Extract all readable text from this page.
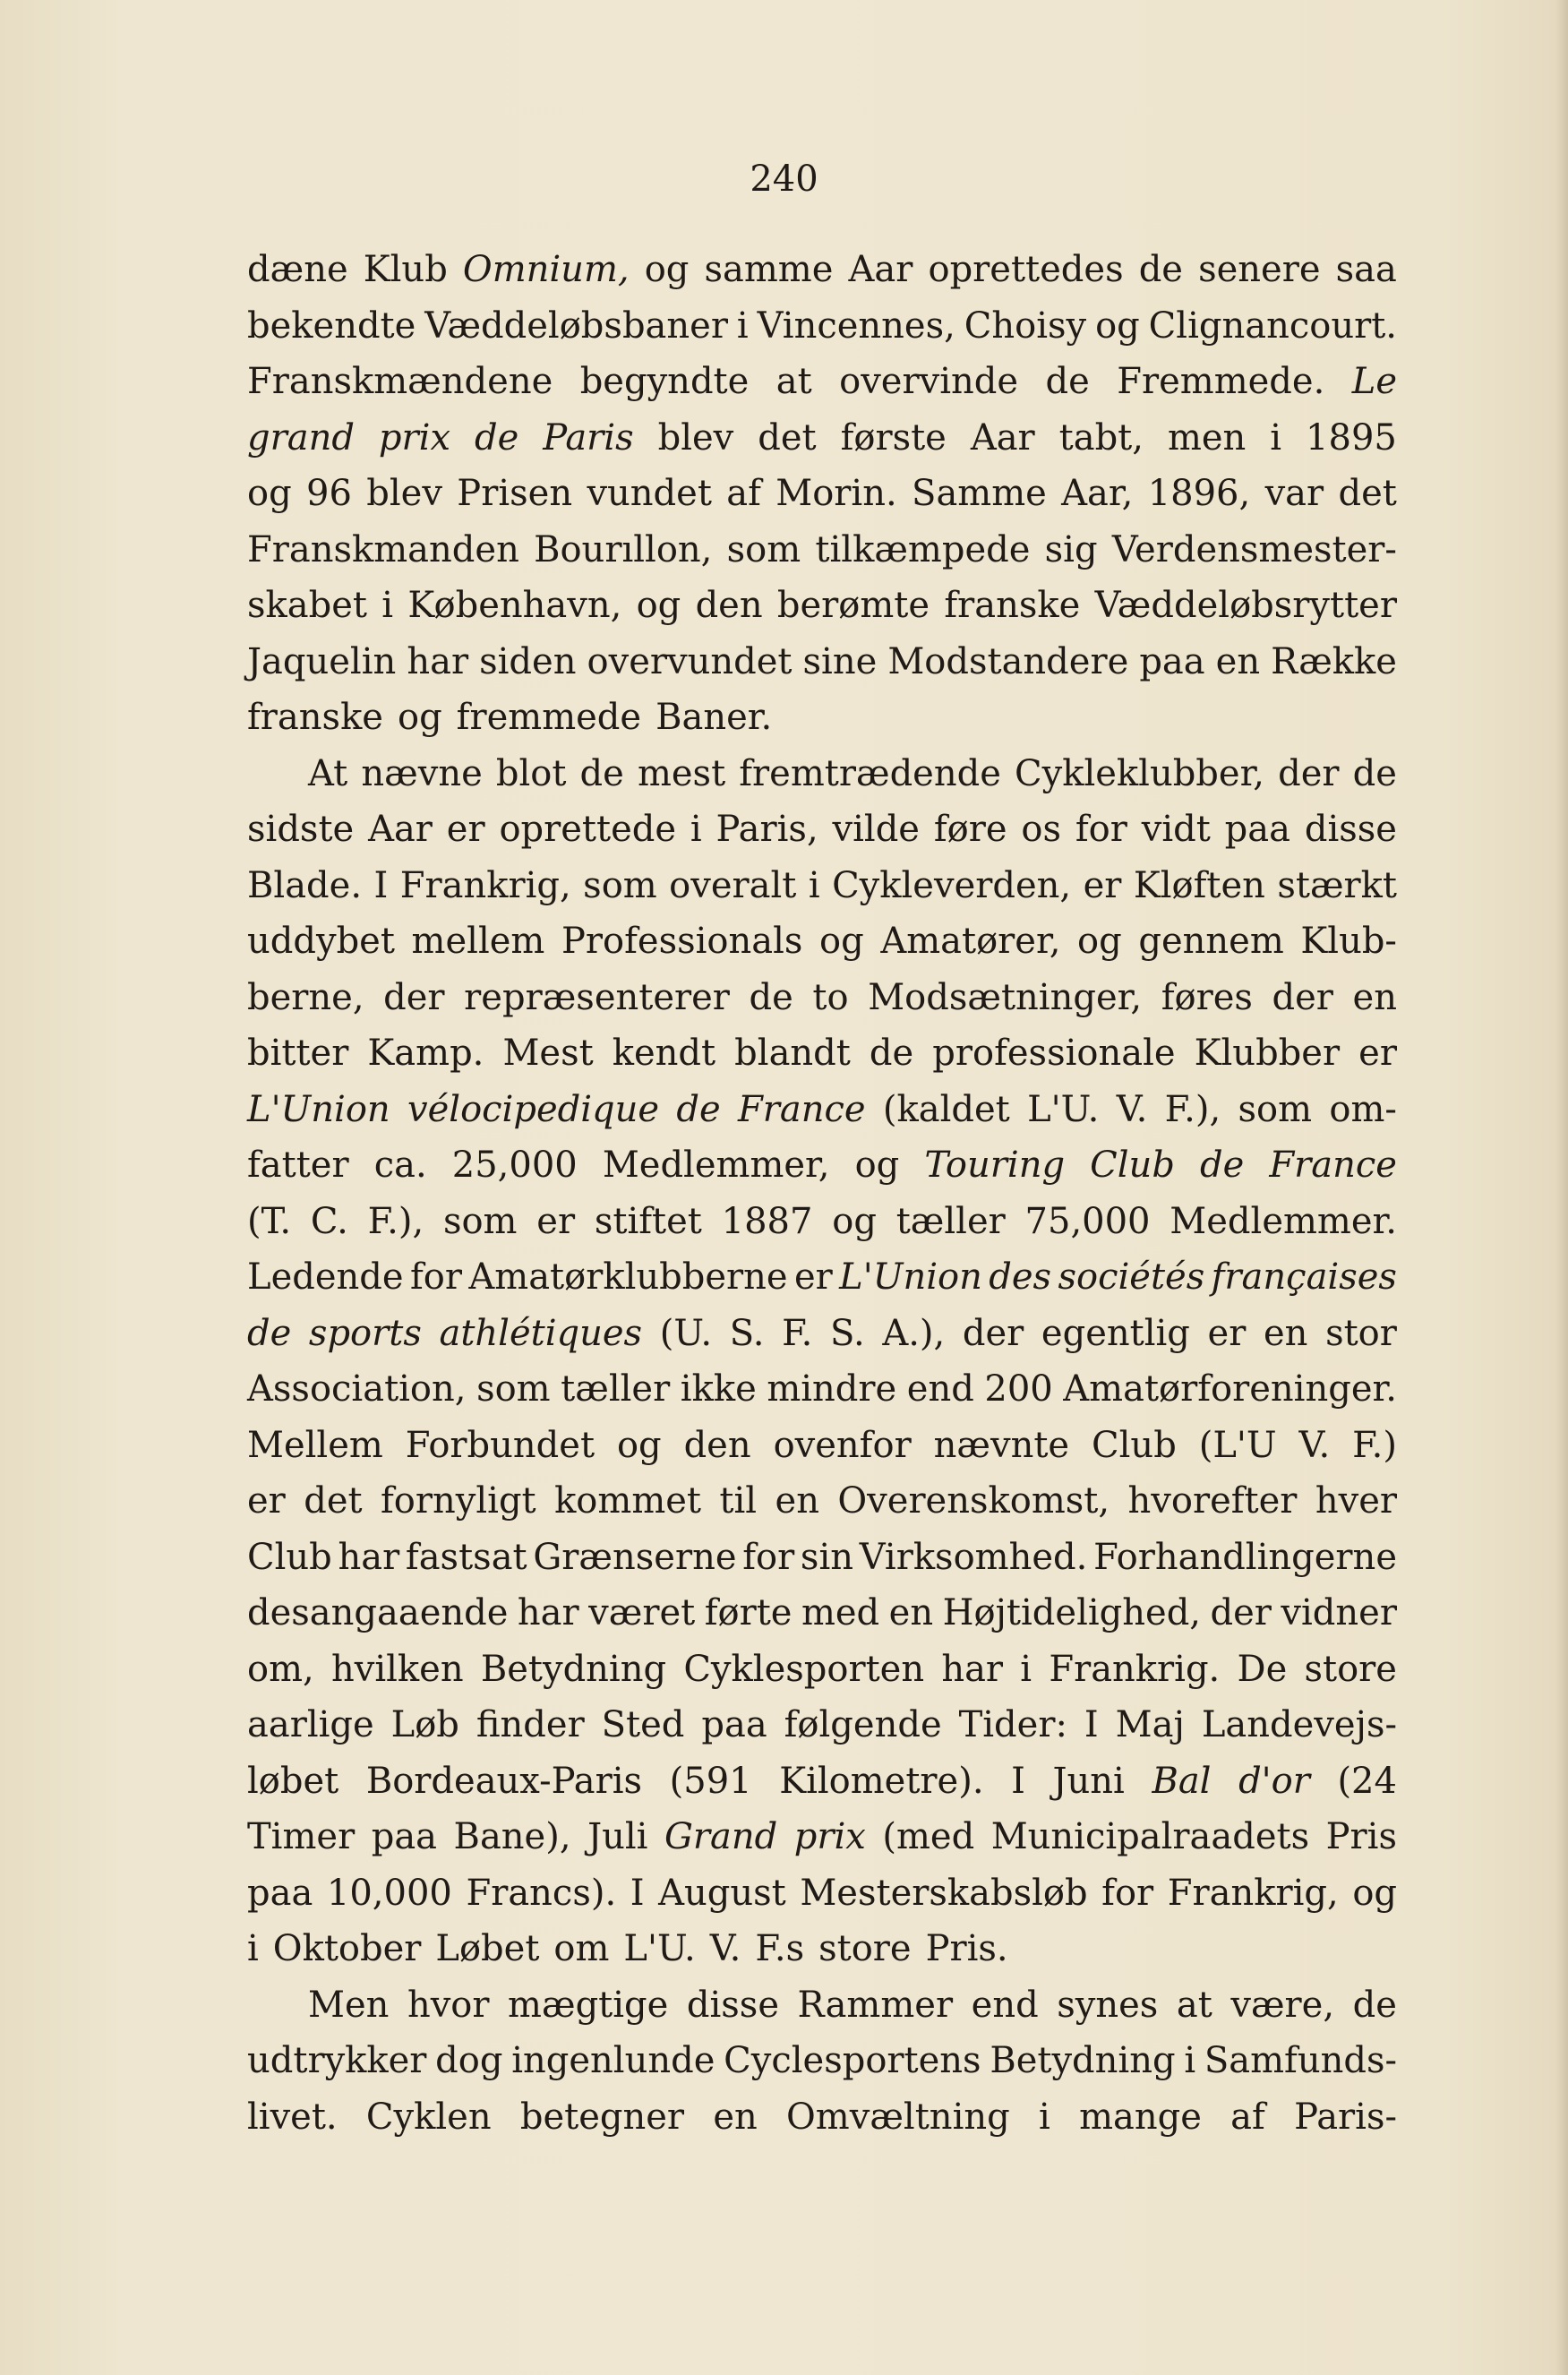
240
dæne Klub Omnium, og samme Aar oprettedes de senere saa
bekendte Væddeløbsbaner i Vincennes, Choisy og Clignancourt.
Franskmændene begyndte at overvinde de Fremmede. Le
grand prix de Paris blev det første Aar tabt, men i 1895
og 96 blev Prisen vundet af Morin. Samme Aar, 1896, var det
Franskmanden Bourıllon, som tilkæmpede sig Verdensmester-
skabet i København, og den berømte franske Væddeløbsrytter
Jaquelin har siden overvundet sine Modstandere paa en Række
franske og fremmede Baner.
At nævne blot de mest fremtrædende Cykleklubber, der de
sidste Aar er oprettede i Paris, vilde føre os for vidt paa disse
Blade. I Frankrig, som overalt i Cykleverden, er Kløften stærkt
uddybet mellem Professionals og Amatører, og gennem Klub-
berne, der repræsenterer de to Modsætninger, føres der en
bitter Kamp. Mest kendt blandt de professionale Klubber er
L'Union vélocipedique de France (kaldet L'U. V. F.), som om-
fatter ca. 25,000 Medlemmer, og Touring Club de France
(T. C. F.), som er stiftet 1887 og tæller 75,000 Medlemmer.
Ledende for Amatørklubberne er L'Union des sociétés françaises
de sports athlétiques (U. S. F. S. A.), der egentlig er en stor
Association, som tæller ikke mindre end 200 Amatørforeninger.
Mellem Forbundet og den ovenfor nævnte Club (L'U V. F.)
er det fornyligt kommet til en Overenskomst, hvorefter hver
Club har fastsat Grænserne for sin Virksomhed. Forhandlingerne
desangaaende har været førte med en Højtidelighed, der vidner
om, hvilken Betydning Cyklesporten har i Frankrig. De store
aarlige Løb finder Sted paa følgende Tider: I Maj Landevejs-
løbet Bordeaux-Paris (591 Kilometre). I Juni Bal d'or (24
Timer paa Bane), Juli Grand prix (med Municipalraadets Pris
paa 10,000 Francs). I August Mesterskabsløb for Frankrig, og
i Oktober Løbet om L'U. V. F.s store Pris.
Men hvor mægtige disse Rammer end synes at være, de
udtrykker dog ingenlunde Cyclesportens Betydning i Samfunds-
livet. Cyklen betegner en Omvæltning i mange af Paris-
